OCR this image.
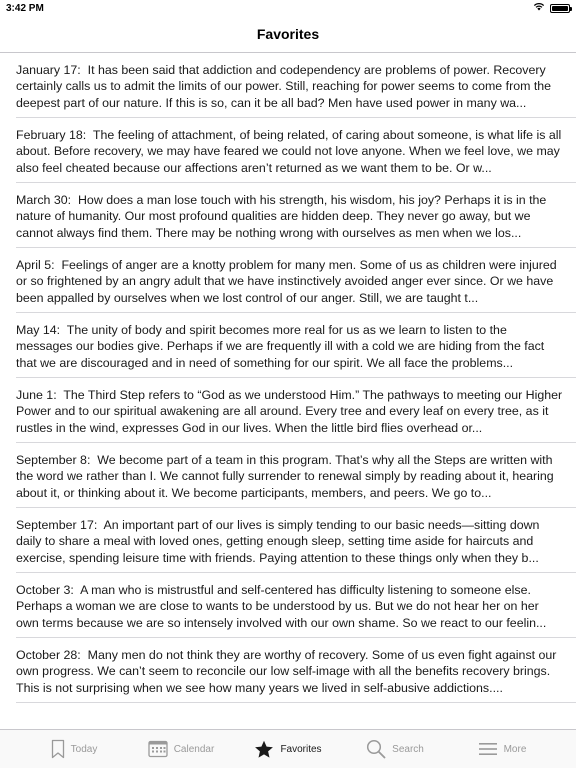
3:42 PM
Favorites
January 17: It has been said that addiction and codependency are problems of power. Recovery certainly calls us to admit the limits of our power. Still, reaching for power seems to come from the deepest part of our nature. If this is so, can it be all bad? Men have used power in many wa...
February 18: The feeling of attachment, of being related, of caring about someone, is what life is all about. Before recovery, we may have feared we could not love anyone. When we feel love, we may also feel cheated because our affections aren’t returned as we want them to be. Or w...
March 30: How does a man lose touch with his strength, his wisdom, his joy? Perhaps it is in the nature of humanity. Our most profound qualities are hidden deep. They never go away, but we cannot always find them. There may be nothing wrong with ourselves as men when we los...
April 5: Feelings of anger are a knotty problem for many men. Some of us as children were injured or so frightened by an angry adult that we have instinctively avoided anger ever since. Or we have been appalled by ourselves when we lost control of our anger. Still, we are taught t...
May 14: The unity of body and spirit becomes more real for us as we learn to listen to the messages our bodies give. Perhaps if we are frequently ill with a cold we are hiding from the fact that we are discouraged and in need of something for our spirit. We all face the problems...
June 1: The Third Step refers to “God as we understood Him.” The pathways to meeting our Higher Power and to our spiritual awakening are all around. Every tree and every leaf on every tree, as it rustles in the wind, expresses God in our lives. When the little bird flies overhead or...
September 8: We become part of a team in this program. That’s why all the Steps are written with the word we rather than I. We cannot fully surrender to renewal simply by reading about it, hearing about it, or thinking about it. We become participants, members, and peers. We go to...
September 17: An important part of our lives is simply tending to our basic needs—sitting down daily to share a meal with loved ones, getting enough sleep, setting time aside for haircuts and exercise, spending leisure time with friends. Paying attention to these things only when they b...
October 3: A man who is mistrustful and self-centered has difficulty listening to someone else. Perhaps a woman we are close to wants to be understood by us. But we do not hear her on her own terms because we are so intensely involved with our own shame. So we react to our feelin...
October 28: Many men do not think they are worthy of recovery. Some of us even fight against our own progress. We can’t seem to reconcile our low self-image with all the benefits recovery brings. This is not surprising when we see how many years we lived in self-abusive addictions....
Today	Calendar	Favorites	Search	More
